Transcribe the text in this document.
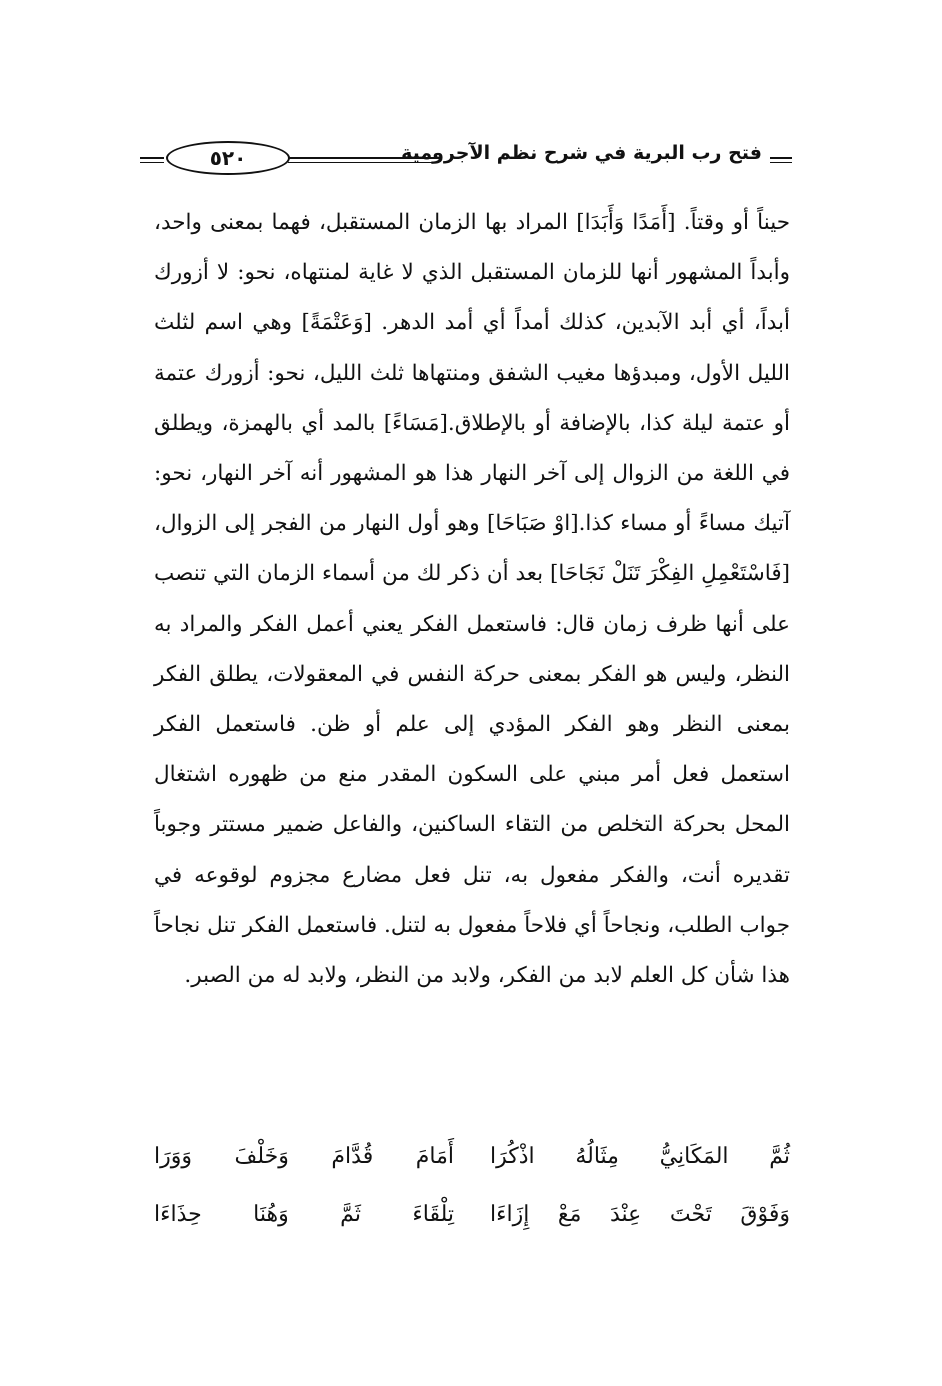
فتح رب البرية في شرح نظم الآجرومية
٥٢٠

حيناً أو وقتاً. [أَمَدًا وَأَبَدَا] المراد بها الزمان المستقبل، فهما بمعنى واحد، وأبداً المشهور أنها للزمان المستقبل الذي لا غاية لمنتهاه، نحو: لا أزورك أبداً، أي أبد الآبدين، كذلك أمداً أي أمد الدهر. [وَعَتْمَةً] وهي اسم لثلث الليل الأول، ومبدؤها مغيب الشفق ومنتهاها ثلث الليل، نحو: أزورك عتمة أو عتمة ليلة كذا، بالإضافة أو بالإطلاق.[مَسَاءً] بالمد أي بالهمزة، ويطلق في اللغة من الزوال إلى آخر النهار هذا هو المشهور أنه آخر النهار، نحو: آتيك مساءً أو مساء كذا.[اوْ صَبَاحَا] وهو أول النهار من الفجر إلى الزوال،[فَاسْتَعْمِلِ الفِكْرَ تَنَلْ نَجَاحَا] بعد أن ذكر لك من أسماء الزمان التي تنصب على أنها ظرف زمان قال: فاستعمل الفكر يعني أعمل الفكر والمراد به النظر، وليس هو الفكر بمعنى حركة النفس في المعقولات، يطلق الفكر بمعنى النظر وهو الفكر المؤدي إلى علم أو ظن. فاستعمل الفكر استعمل فعل أمر مبني على السكون المقدر منع من ظهوره اشتغال المحل بحركة التخلص من التقاء الساكنين، والفاعل ضمير مستتر وجوباً تقديره أنت، والفكر مفعول به، تنل فعل مضارع مجزوم لوقوعه في جواب الطلب، ونجاحاً أي فلاحاً مفعول به لتنل. فاستعمل الفكر تنل نجاحاً هذا شأن كل العلم لابد من الفكر، ولابد من النظر، ولابد له من الصبر.

ثُمَّ المَكَانِيُّ مِثَالُهُ اذْكُرَا
أَمَامَ قُدَّامَ وَخَلْفَ وَوَرَا
وَفَوْقَ تَحْتَ عِنْدَ مَعْ إِزَاءَا
تِلْقَاءَ ثَمَّ وَهُنَا حِذَاءَا
